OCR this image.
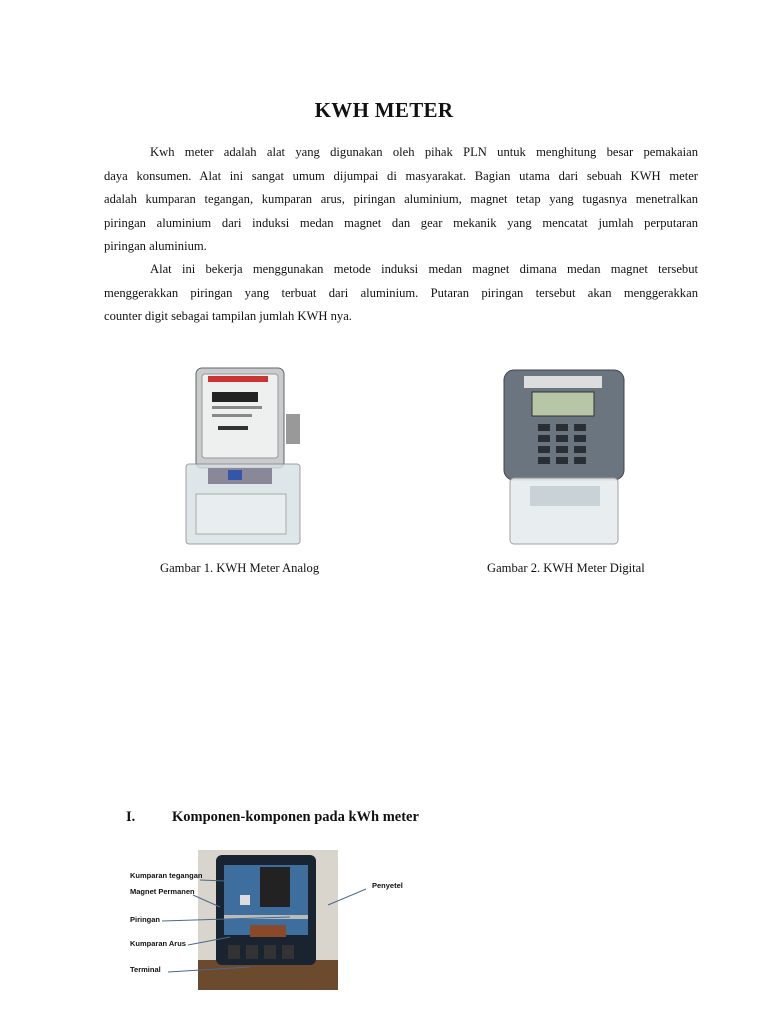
KWH METER
Kwh meter adalah alat yang digunakan oleh pihak PLN untuk menghitung besar pemakaian
daya konsumen. Alat ini sangat umum dijumpai di masyarakat. Bagian utama dari sebuah KWH meter
adalah kumparan tegangan, kumparan arus, piringan aluminium, magnet tetap yang tugasnya menetralkan
piringan aluminium dari induksi medan magnet dan gear mekanik yang mencatat jumlah perputaran
piringan aluminium.
Alat ini bekerja menggunakan metode induksi medan magnet dimana medan magnet tersebut
menggerakkan piringan yang terbuat dari aluminium. Putaran piringan tersebut akan menggerakkan
counter digit sebagai tampilan jumlah KWH nya.
Gambar 1. KWH Meter Analog	Gambar 2. KWH Meter Digital
I.	Komponen-komponen pada kWh meter
Kumparan tegangan
Magnet Permanen
Piringan
Kumparan Arus
Terminal
Penyetel
